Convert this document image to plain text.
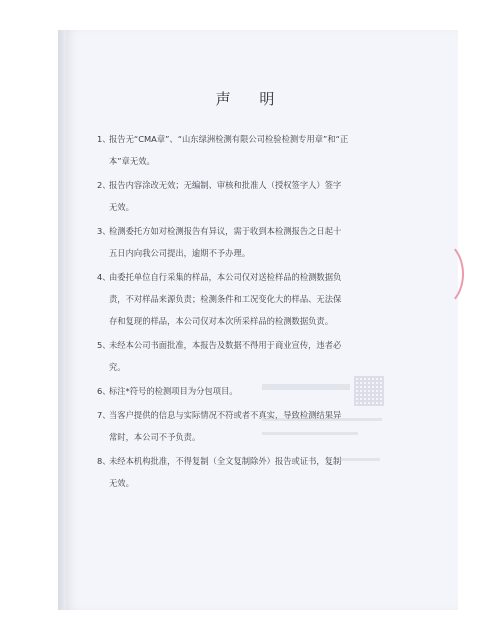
声 明
1、
报告无“CMA章”、“山东绿洲检测有限公司检验检测专用章”和“正
本”章无效。
2、
报告内容涂改无效；无编制、审核和批准人（授权签字人）签字
无效。
3、
检测委托方如对检测报告有异议，需于收到本检测报告之日起十
五日内向我公司提出，逾期不予办理。
4、
由委托单位自行采集的样品，本公司仅对送检样品的检测数据负
责，不对样品来源负责；检测条件和工况变化大的样品、无法保
存和复现的样品，本公司仅对本次所采样品的检测数据负责。
5、
未经本公司书面批准，本报告及数据不得用于商业宣传，违者必
究。
6、
标注*符号的检测项目为分包项目。
7、
当客户提供的信息与实际情况不符或者不真实，导致检测结果异
常时，本公司不予负责。
8、
未经本机构批准，不得复制（全文复制除外）报告或证书，复制
无效。
